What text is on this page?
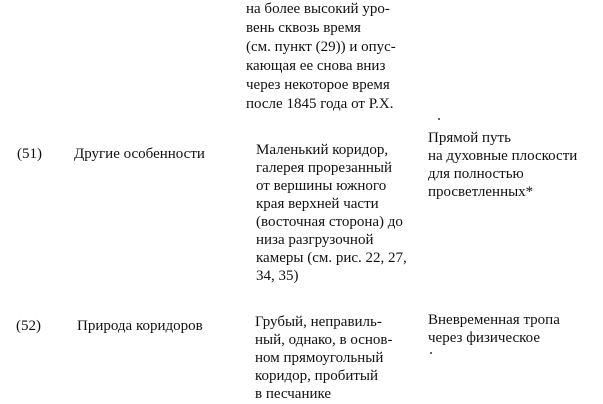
на более высокий уро-
вень сквозь время
(см. пункт (29)) и опус-
кающая ее снова вниз
через некоторое время
после 1845 года от Р.Х.
(51) Другие особенности	Маленький коридор,
галерея прорезанный
от вершины южного
края верхней части
(восточная сторона) до
низа разгрузочной
камеры (см. рис. 22, 27,
34, 35)
Прямой путь
на духовные плоскости
для полностью
просветленных*
(52) Природа коридоров	Грубый, неправиль-
ный, однако, в основ-
ном прямоугольный
коридор, пробитый
в песчанике
Вневременная тропа
через физическое
